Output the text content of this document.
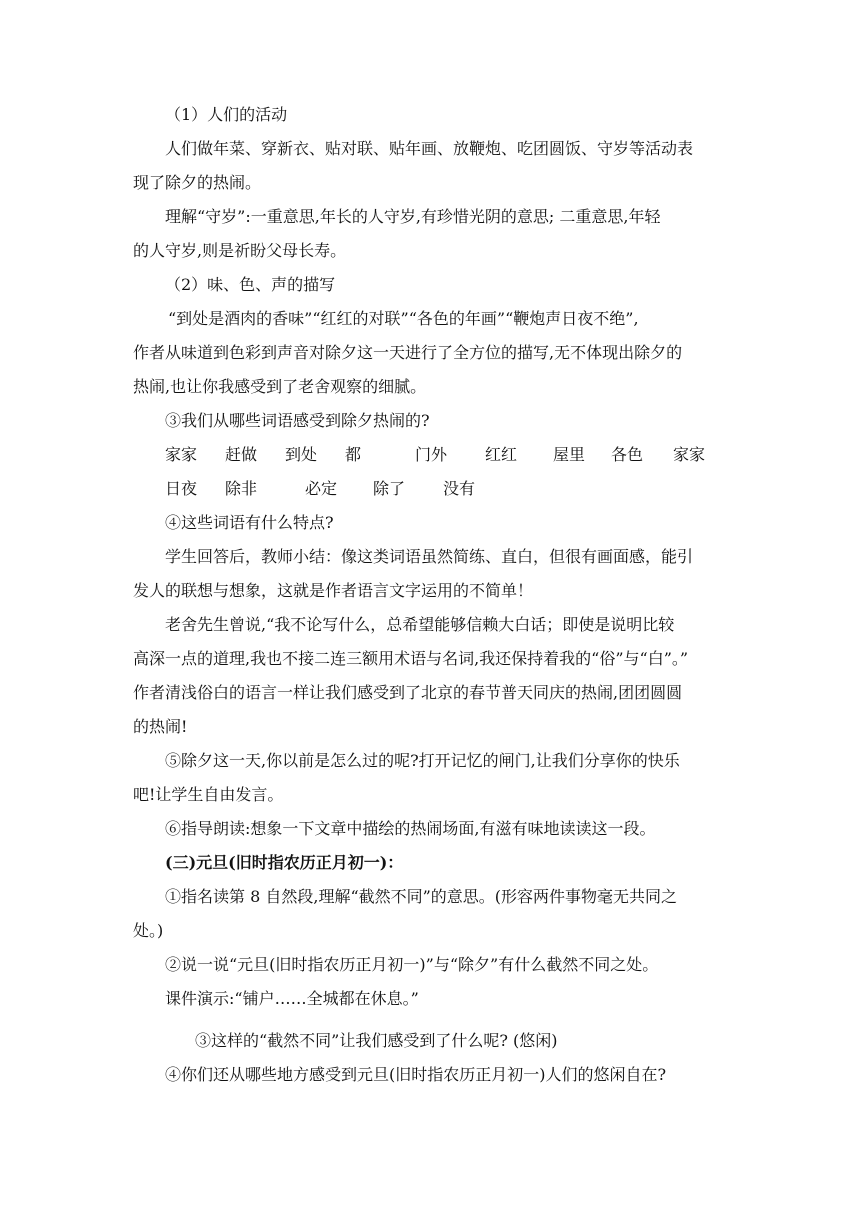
（1）人们的活动

人们做年菜、穿新衣、贴对联、贴年画、放鞭炮、吃团圆饭、守岁等活动表

现了除夕的热闹。

理解“守岁”:一重意思,年长的人守岁,有珍惜光阴的意思; 二重意思,年轻

的人守岁,则是祈盼父母长寿。

（2）味、色、声的描写

“到处是酒肉的香味”“红红的对联”“各色的年画”“鞭炮声日夜不绝”,

作者从味道到色彩到声音对除夕这一天进行了全方位的描写,无不体现出除夕的

热闹,也让你我感受到了老舍观察的细腻。

③我们从哪些词语感受到除夕热闹的?

家家 赶做 到处 都	门外 红红 屋里 各色 家家

日夜 除非	必定 除了 没有

④这些词语有什么特点?

学生回答后，教师小结：像这类词语虽然简练、直白，但很有画面感，能引

发人的联想与想象，这就是作者语言文字运用的不简单！

老舍先生曾说,“我不论写什么，总希望能够信赖大白话；即使是说明比较

高深一点的道理,我也不接二连三额用术语与名词,我还保持着我的“俗”与“白”。”

作者清浅俗白的语言一样让我们感受到了北京的春节普天同庆的热闹,团团圆圆

的热闹!

⑤除夕这一天,你以前是怎么过的呢?打开记忆的闸门,让我们分享你的快乐

吧!让学生自由发言。

⑥指导朗读:想象一下文章中描绘的热闹场面,有滋有味地读读这一段。

(三)元旦(旧时指农历正月初一)：

①指名读第 8 自然段,理解“截然不同”的意思。(形容两件事物毫无共同之

处。)

②说一说“元旦(旧时指农历正月初一)”与“除夕”有什么截然不同之处。

课件演示:“铺户……全城都在休息。”

③这样的“截然不同”让我们感受到了什么呢? (悠闲)

④你们还从哪些地方感受到元旦(旧时指农历正月初一)人们的悠闲自在?
